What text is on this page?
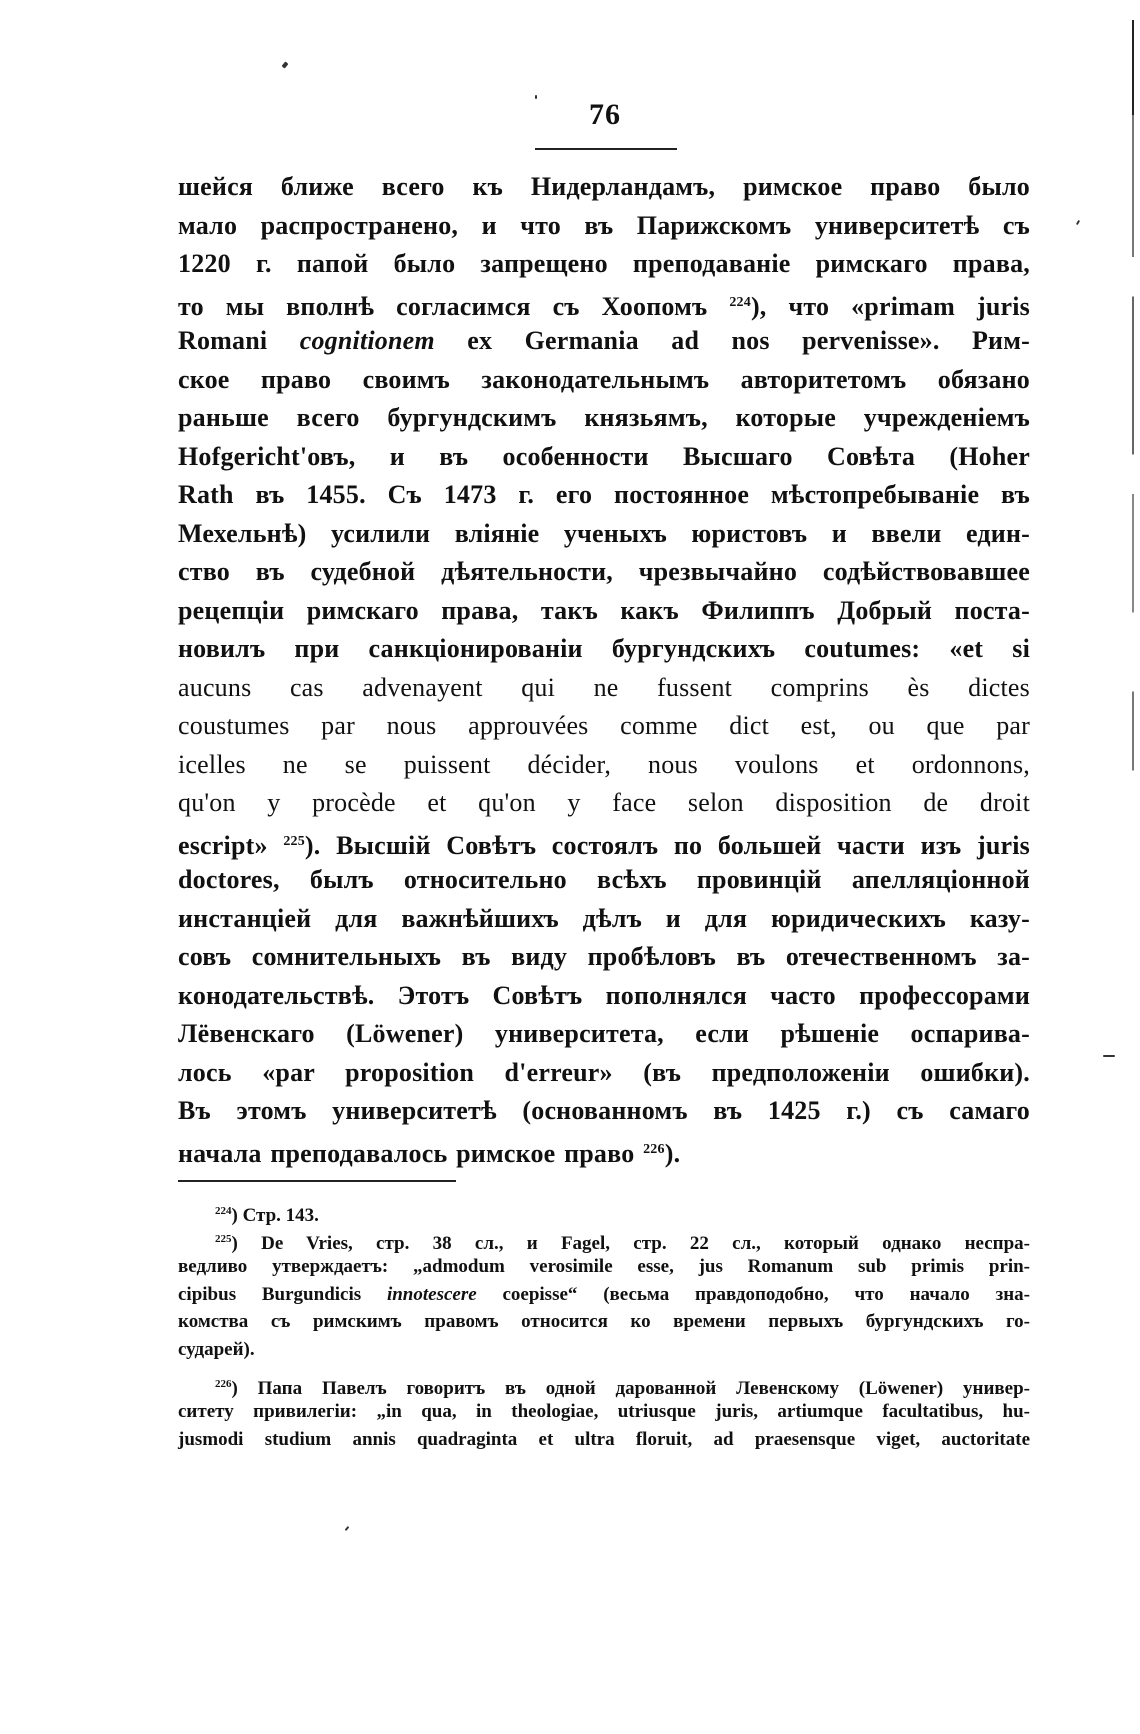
76
шейся ближе всего къ Нидерландамъ, римское право было
мало распространено, и что въ Парижскомъ университетѣ съ
1220 г. папой было запрещено преподаванiе римскаго права,
то мы вполнѣ согласимся съ Хоопомъ $^{224}$), что «primam juris
Romani cognitionem ex Germania ad nos pervenisse». Рим-
ское право своимъ законодательнымъ авторитетомъ обязано
раньше всего бургундскимъ князьямъ, которые учрежденiемъ
Hofgericht'овъ, и въ особенности Высшаго Совѣта (Hoher
Rath въ 1455. Съ 1473 г. его постоянное мѣстопребыванiе въ
Мехельнѣ) усилили влiянiе ученыхъ юристовъ и ввели един-
ство въ судебной дѣятельности, чрезвычайно содѣйствовавшее
рецепцiи римскаго права, такъ какъ Филиппъ Добрый поста-
новилъ при санкцiонированiи бургундскихъ coutumes: «et si
aucuns cas advenayent qui ne fussent comprins ès dictes
coustumes par nous approuvées comme dict est, ou que par
icelles ne se puissent décider, nous voulons et ordonnons,
qu'on y procède et qu'on y face selon disposition de droit
escript» $^{225}$). Высшiй Совѣтъ состоялъ по большей части изъ juris
doctores, былъ относительно всѣхъ провинцiй апелляцiонной
инстанцiей для важнѣйшихъ дѣлъ и для юридическихъ казу-
совъ сомнительныхъ въ виду пробѣловъ въ отечественномъ за-
конодательствѣ. Этотъ Совѣтъ пополнялся часто профессорами
Лёвенскаго (Löwener) университета, если рѣшенiе оспарива-
лось «par proposition d'erreur» (въ предположенiи ошибки).
Въ этомъ университетѣ (основанномъ въ 1425 г.) съ самаго
начала преподавалось римское право $^{226}$).
$^{224}$) Стр. 143.
$^{225}$) De Vries, стр. 38 сл., и Fagel, стр. 22 сл., который однако неспра-
ведливо утверждаетъ: „admodum verosimile esse, jus Romanum sub primis prin-
cipibus Burgundicis innotescere coepisse“ (весьма правдоподобно, что начало зна-
комства съ римскимъ правомъ относится ко времени первыхъ бургундскихъ го-
сударей).
$^{226}$) Папа Павелъ говоритъ въ одной дарованной Левенскому (Löwener) универ-
ситету привилегiи: „in qua, in theologiae, utriusque juris, artiumque facultatibus, hu-
jusmodi studium annis quadraginta et ultra floruit, ad praesensque viget, auctoritate
